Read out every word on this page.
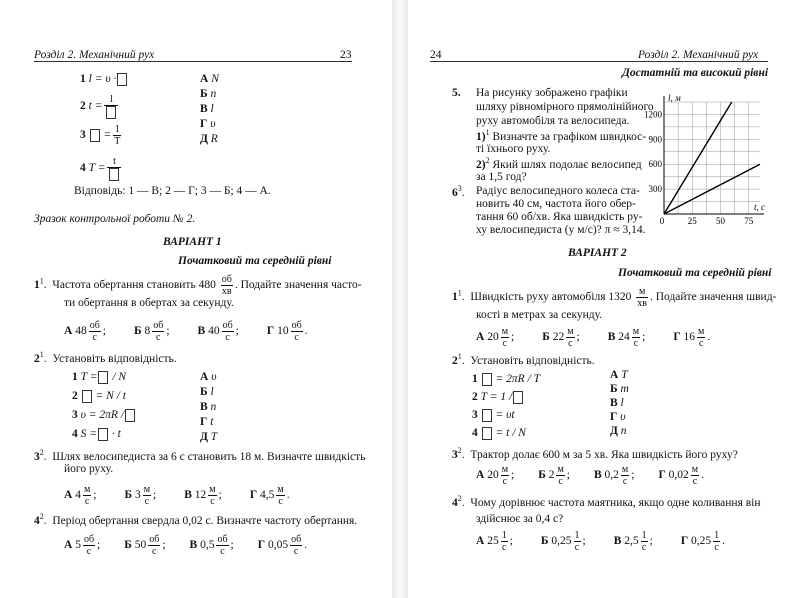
Розділ 2. Механічний рух	23
1 l = υ ·
2 t =
l
$3 = \frac{1}{T}$
4 T =
t
А N
Б n
В l
Г υ
Д R
Відповідь: 1 — В; 2 — Г; 3 — Б; 4 — А.
Зразок контрольної роботи № 2.
ВАРІАНТ 1
Початковий та середній рівні
$1^1$.  Частота обертання становить $480 \frac{об}{хв}$ . Подайте значення часто-
ти обертання в обертах за секунду.
А $48 \frac{об}{с}$ ; Б $8 \frac{об}{с}$ ; В $40 \frac{об}{с}$ ; Г $10 \frac{об}{с}$ .
$2^1$.  Установіть відповідність.
1 T = / N
2  = N / t
3 υ = 2πR /
4 S = · t
А υ
Б l
В n
Г t
Д T
$3^2$.  Шлях велосипедиста за 6 с становить 18 м. Визначте швидкість
його руху.
А $4 \frac{м}{с}$ ; Б $3 \frac{м}{с}$ ; В $12 \frac{м}{с}$ ; Г $4,5 \frac{м}{с}$ .
$4^2$.  Період обертання свердла 0,02 с. Визначте частоту обертання.
А $5 \frac{об}{с}$ ; Б $50 \frac{об}{с}$ ; В $0,5 \frac{об}{с}$ ; Г $0,05 \frac{об}{с}$ .
24	Розділ 2. Механічний рух
Достатній та високий рівні
5. На рисунку зображено графіки
шляху рівномірного прямолінійного
руху автомобіля та велосипеда.
1)$^1$ Визначте за графіком швидкос-
ті їхнього руху.
2)$^2$ Який шлях подолає велосипед
за 1,5 год?
$6^3$. Радіус велосипедного колеса ста-
новить 40 см, частота його обер-
тання 60 об/хв. Яка швидкість ру-
ху велосипедиста (у м/с)? π ≈ 3,14.
ВАРІАНТ 2
Початковий та середній рівні
$1^1$.  Швидкість руху автомобіля $1320 \frac{м}{хв}$ . Подайте значення швид-
кості в метрах за секунду.
А $20 \frac{м}{с}$ ; Б $22 \frac{м}{с}$ ; В $24 \frac{м}{с}$ ; Г $16 \frac{м}{с}$ .
$2^1$.  Установіть відповідність.
1  = 2πR / T
2 T = 1 /
3  = υt
4  = t / N
А T
Б m
В l
Г υ
Д n
$3^2$.  Трактор долає 600 м за 5 хв. Яка швидкість його руху?
А $20 \frac{м}{с}$ ; Б $2 \frac{м}{с}$ ; В $0,2 \frac{м}{с}$ ; Г $0,02 \frac{м}{с}$ .
$4^2$.  Чому дорівнює частота маятника, якщо одне коливання він
здійснює за 0,4 с?
А $25 \frac{1}{с}$ ; Б $0,25 \frac{1}{с}$ ; В $2,5 \frac{1}{с}$ ; Г $0,25 \frac{1}{с}$ .
t, с
l, м
0	25 50 75
300
600
900
1200
